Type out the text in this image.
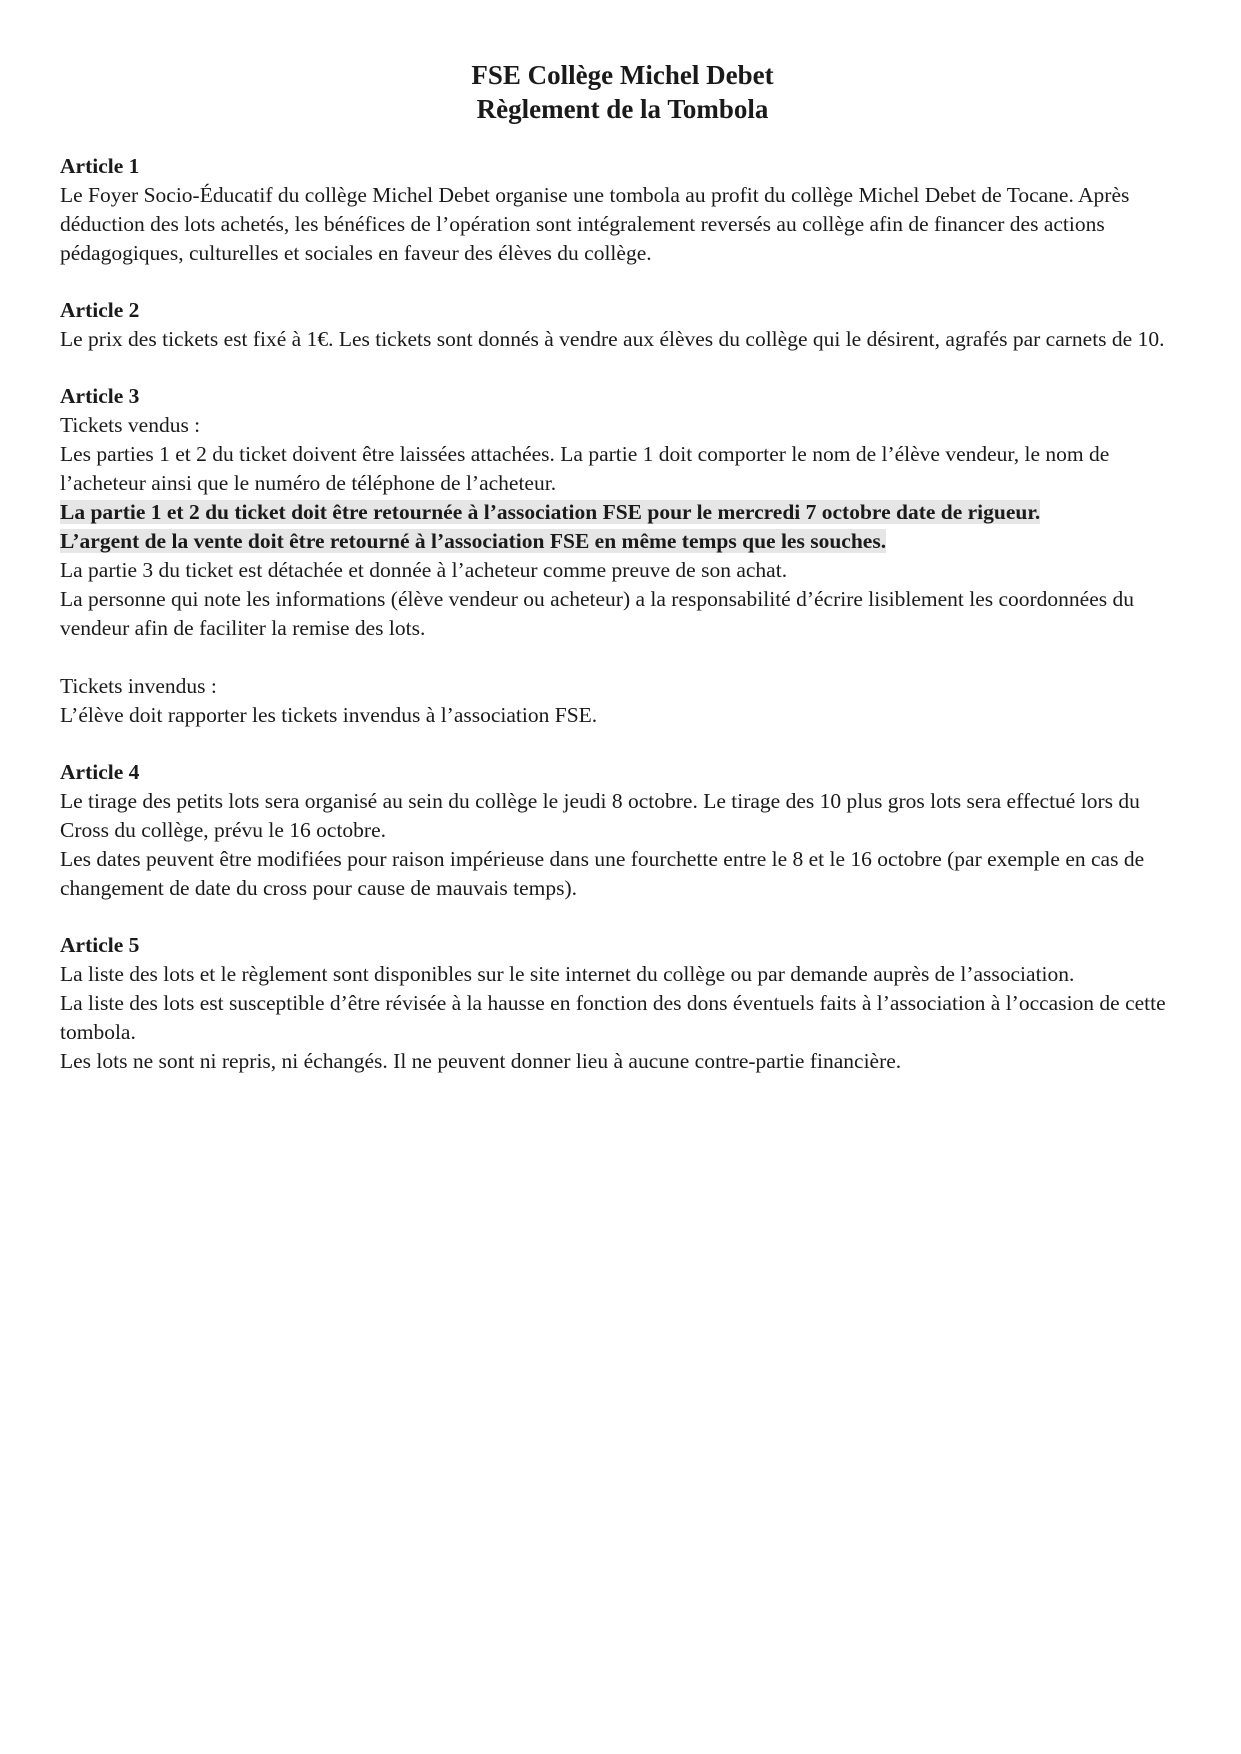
FSE Collège Michel Debet
Règlement de la Tombola
Article 1

Le Foyer Socio-Éducatif du collège Michel Debet organise une tombola au profit du collège Michel Debet de Tocane. Après déduction des lots achetés, les bénéfices de l’opération sont intégralement reversés au collège afin de financer des actions pédagogiques, culturelles et sociales en faveur des élèves du collège.

Article 2

Le prix des tickets est fixé à 1€. Les tickets sont donnés à vendre aux élèves du collège qui le désirent, agrafés par carnets de 10.

Article 3

Tickets vendus :

Les parties 1 et 2 du ticket doivent être laissées attachées. La partie 1 doit comporter le nom de l’élève vendeur, le nom de l’acheteur ainsi que le numéro de téléphone de l’acheteur.

La partie 1 et 2 du ticket doit être retournée à l’association FSE pour le mercredi 7 octobre date de rigueur.

L’argent de la vente doit être retourné à l’association FSE en même temps que les souches.

La partie 3 du ticket est détachée et donnée à l’acheteur comme preuve de son achat.

La personne qui note les informations (élève vendeur ou acheteur) a la responsabilité d’écrire lisiblement les coordonnées du vendeur afin de faciliter la remise des lots.

Tickets invendus :

L’élève doit rapporter les tickets invendus à l’association FSE.

Article 4

Le tirage des petits lots sera organisé au sein du collège le jeudi 8 octobre. Le tirage des 10 plus gros lots sera effectué lors du Cross du collège, prévu le 16 octobre.

Les dates peuvent être modifiées pour raison impérieuse dans une fourchette entre le 8 et le 16 octobre (par exemple en cas de changement de date du cross pour cause de mauvais temps).

Article 5

La liste des lots et le règlement sont disponibles sur le site internet du collège ou par demande auprès de l’association.

La liste des lots est susceptible d’être révisée à la hausse en fonction des dons éventuels faits à l’association à l’occasion de cette tombola.

Les lots ne sont ni repris, ni échangés. Il ne peuvent donner lieu à aucune contre-partie financière.
